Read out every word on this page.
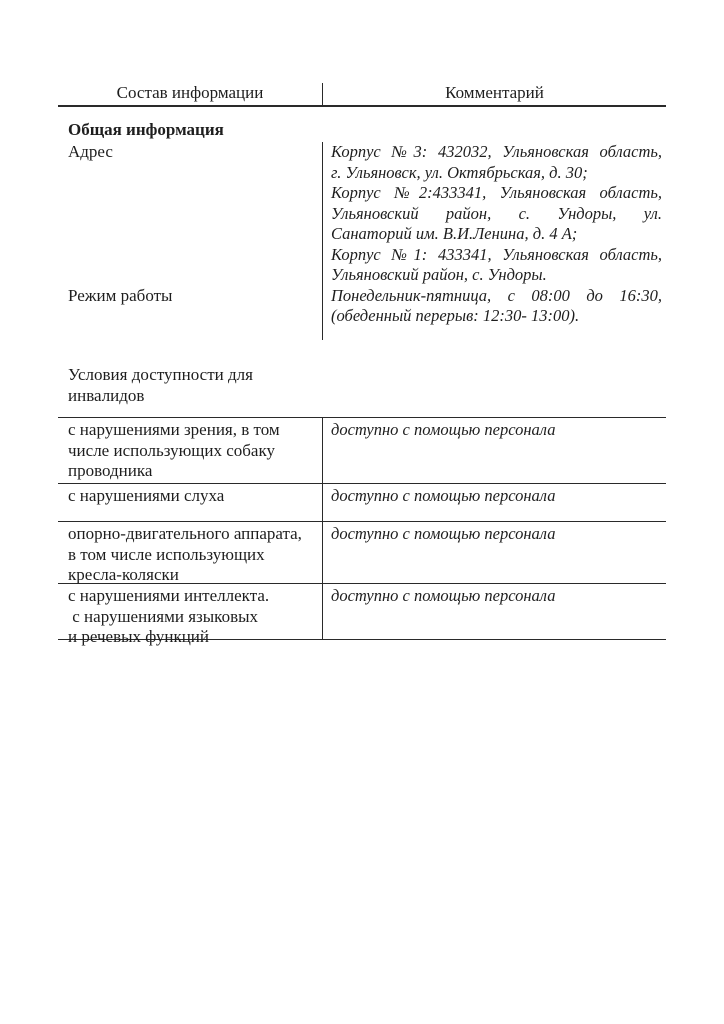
Состав информации	Комментарий
Общая информация
Адрес
Режим работы
Корпус №3: 432032, Ульяновская область,
г. Ульяновск, ул. Октябрьская, д. 30;
Корпус №2:433341, Ульяновская область,
Ульяновский район, с. Ундоры, ул.
Санаторий им. В.И.Ленина, д. 4 А;
Корпус №1: 433341, Ульяновская область,
Ульяновский район, с. Ундоры.
Понедельник-пятница, с 08:00 до 16:30,
(обеденный перерыв: 12:30- 13:00).
Условия доступности для
инвалидов
с нарушениями зрения, в том
числе использующих собаку
проводника
доступно с помощью персонала
с нарушениями слуха	доступно с помощью персонала
опорно-двигательного аппарата,
в том числе использующих
кресла-коляски
доступно с помощью персонала
с нарушениями интеллекта.
с нарушениями языковых
и речевых функций
доступно с помощью персонала
